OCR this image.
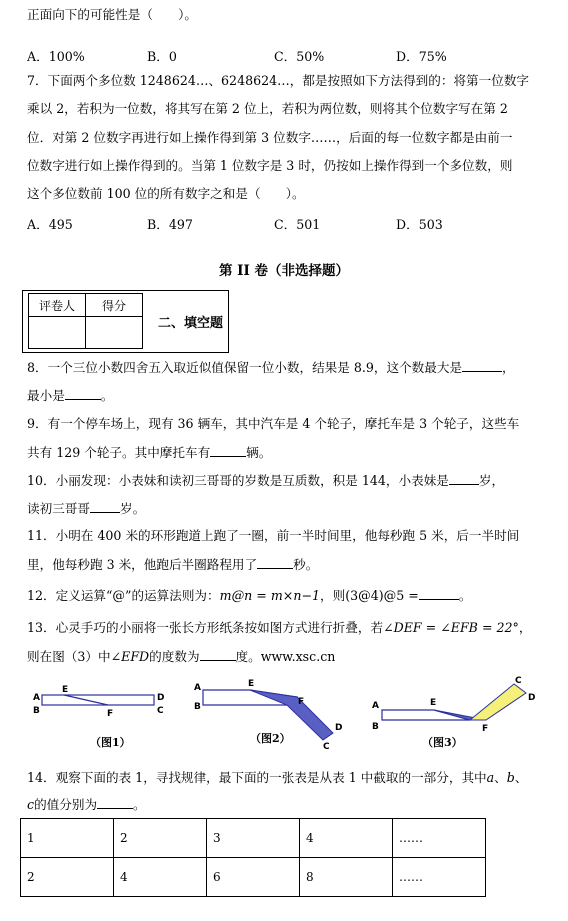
正面向下的可能性是（　　）。
A．100%	B．0	C．50%	D．75%
7．下面两个多位数 1248624…、6248624…，都是按照如下方法得到的：将第一位数字
乘以 2，若积为一位数，将其写在第 2 位上，若积为两位数，则将其个位数字写在第 2
位．对第 2 位数字再进行如上操作得到第 3 位数字……，后面的每一位数字都是由前一
位数字进行如上操作得到的。当第 1 位数字是 3 时，仍按如上操作得到一个多位数，则
这个多位数前 100 位的所有数字之和是（　　）。
A．495	B．497	C．501	D．503
第 II 卷（非选择题）
评卷人	得分

二、填空题
8．一个三位小数四舍五入取近似值保留一位小数，结果是 8.9，这个数最大是	，
最小是	。
9．有一个停车场上，现有 36 辆车，其中汽车是 4 个轮子，摩托车是 3 个轮子，这些车
共有 129 个轮子。其中摩托车有	辆。
10．小丽发现：小表妹和读初三哥哥的岁数是互质数，积是 144，小表妹是 岁，
读初三哥哥 岁。
11．小明在 400 米的环形跑道上跑了一圈，前一半时间里，他每秒跑 5 米，后一半时间
里，他每秒跑 3 米，他跑后半圈路程用了	秒。
12．定义运算“@”的运算法则为：m@n = m×n−1，则(3@4)@5 =	。
13．心灵手巧的小丽将一张长方形纸条按如图方式进行折叠，若∠DEF = ∠EFB = 22°，
则在图（3）中∠EFD的度数为	度。www.xsc.cn
A
B
D
C
E
F
A
B
E
F
D
C
A
B
E
F
C
D
（图1）	（图2）	（图3）
14．观察下面的表 1，寻找规律，最下面的一张表是从表 1 中截取的一部分，其中a、b、
c的值分别为	。
1	2	3	4	……
2	4	6	8	……
